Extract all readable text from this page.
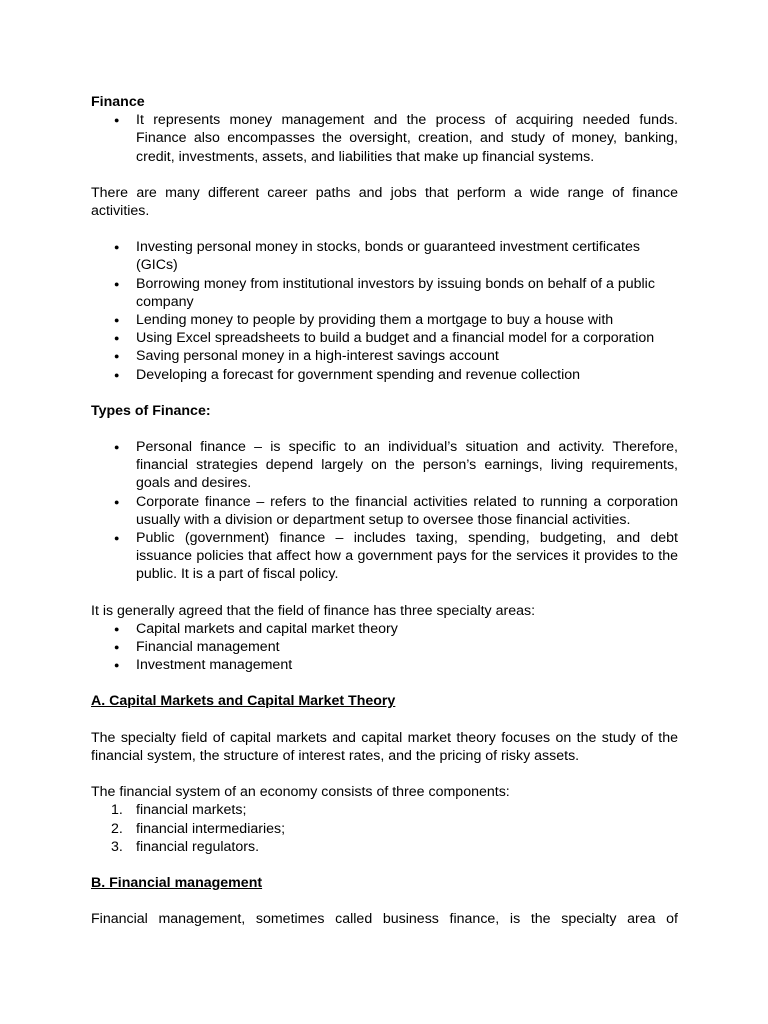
Finance

● It represents money management and the process of acquiring needed funds. Finance also encompasses the oversight, creation, and study of money, banking, credit, investments, assets, and liabilities that make up financial systems.

There are many different career paths and jobs that perform a wide range of finance activities.

● Investing personal money in stocks, bonds or guaranteed investment certificates (GICs)
● Borrowing money from institutional investors by issuing bonds on behalf of a public company
● Lending money to people by providing them a mortgage to buy a house with
● Using Excel spreadsheets to build a budget and a financial model for a corporation
● Saving personal money in a high-interest savings account
● Developing a forecast for government spending and revenue collection

Types of Finance:

● Personal finance – is specific to an individual’s situation and activity. Therefore, financial strategies depend largely on the person’s earnings, living requirements, goals and desires.
● Corporate finance – refers to the financial activities related to running a corporation usually with a division or department setup to oversee those financial activities.
● Public (government) finance – includes taxing, spending, budgeting, and debt issuance policies that affect how a government pays for the services it provides to the public. It is a part of fiscal policy.

It is generally agreed that the field of finance has three specialty areas:

● Capital markets and capital market theory
● Financial management
● Investment management

A. Capital Markets and Capital Market Theory

The specialty field of capital markets and capital market theory focuses on the study of the financial system, the structure of interest rates, and the pricing of risky assets.

The financial system of an economy consists of three components:

1. financial markets;
2. financial intermediaries;
3. financial regulators.

B. Financial management

Financial management, sometimes called business finance, is the specialty area of
